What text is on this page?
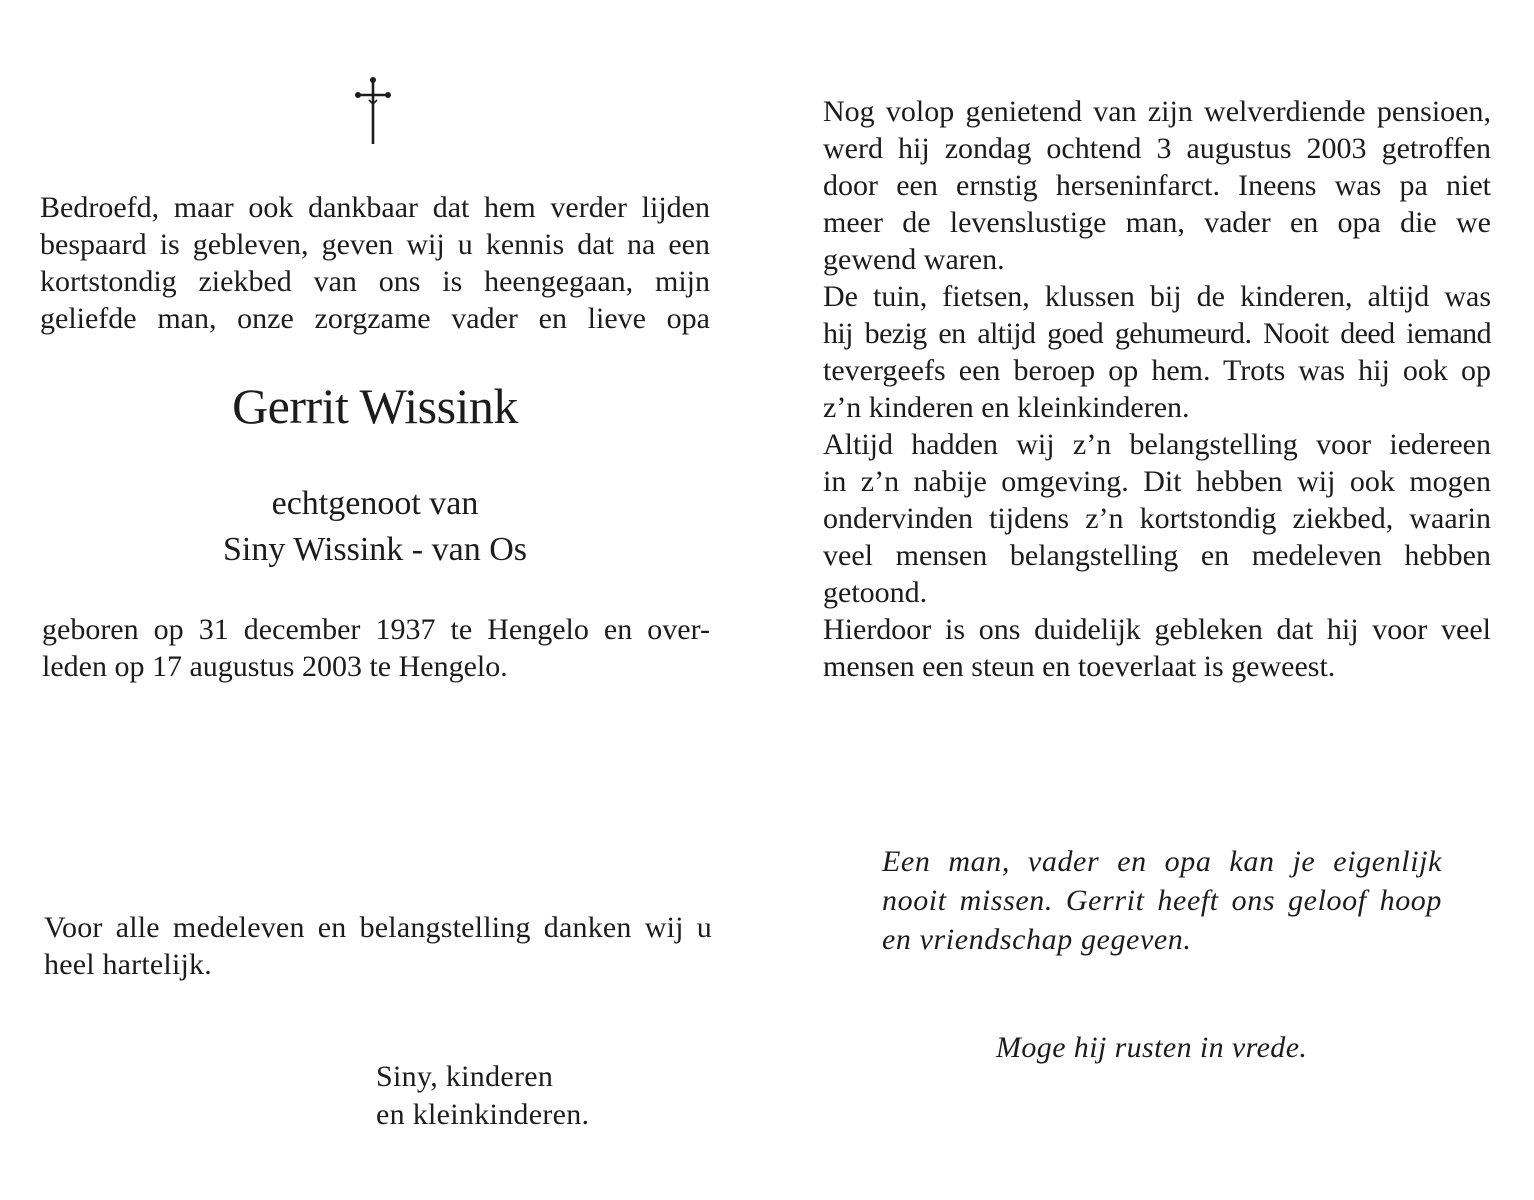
Bedroefd, maar ook dankbaar dat hem verder lijden

bespaard is gebleven, geven wij u kennis dat na een

kortstondig ziekbed van ons is heengegaan, mijn

geliefde man, onze zorgzame vader en lieve opa

Gerrit Wissink
echtgenoot van
Siny Wissink - van Os

geboren op 31 december 1937 te Hengelo en over-

leden op 17 augustus 2003 te Hengelo.

Voor alle medeleven en belangstelling danken wij u

heel hartelijk.

Siny, kinderen
en kleinkinderen.

Nog volop genietend van zijn welverdiende pensioen,

werd hij zondag ochtend 3 augustus 2003 getroffen

door een ernstig herseninfarct. Ineens was pa niet

meer de levenslustige man, vader en opa die we

gewend waren.

De tuin, fietsen, klussen bij de kinderen, altijd was

hij bezig en altijd goed gehumeurd. Nooit deed iemand

tevergeefs een beroep op hem. Trots was hij ook op

z’n kinderen en kleinkinderen.

Altijd hadden wij z’n belangstelling voor iedereen

in z’n nabije omgeving. Dit hebben wij ook mogen

ondervinden tijdens z’n kortstondig ziekbed, waarin

veel mensen belangstelling en medeleven hebben

getoond.

Hierdoor is ons duidelijk gebleken dat hij voor veel

mensen een steun en toeverlaat is geweest.

Een man, vader en opa kan je eigenlijk

nooit missen. Gerrit heeft ons geloof hoop

en vriendschap gegeven.

Moge hij rusten in vrede.
